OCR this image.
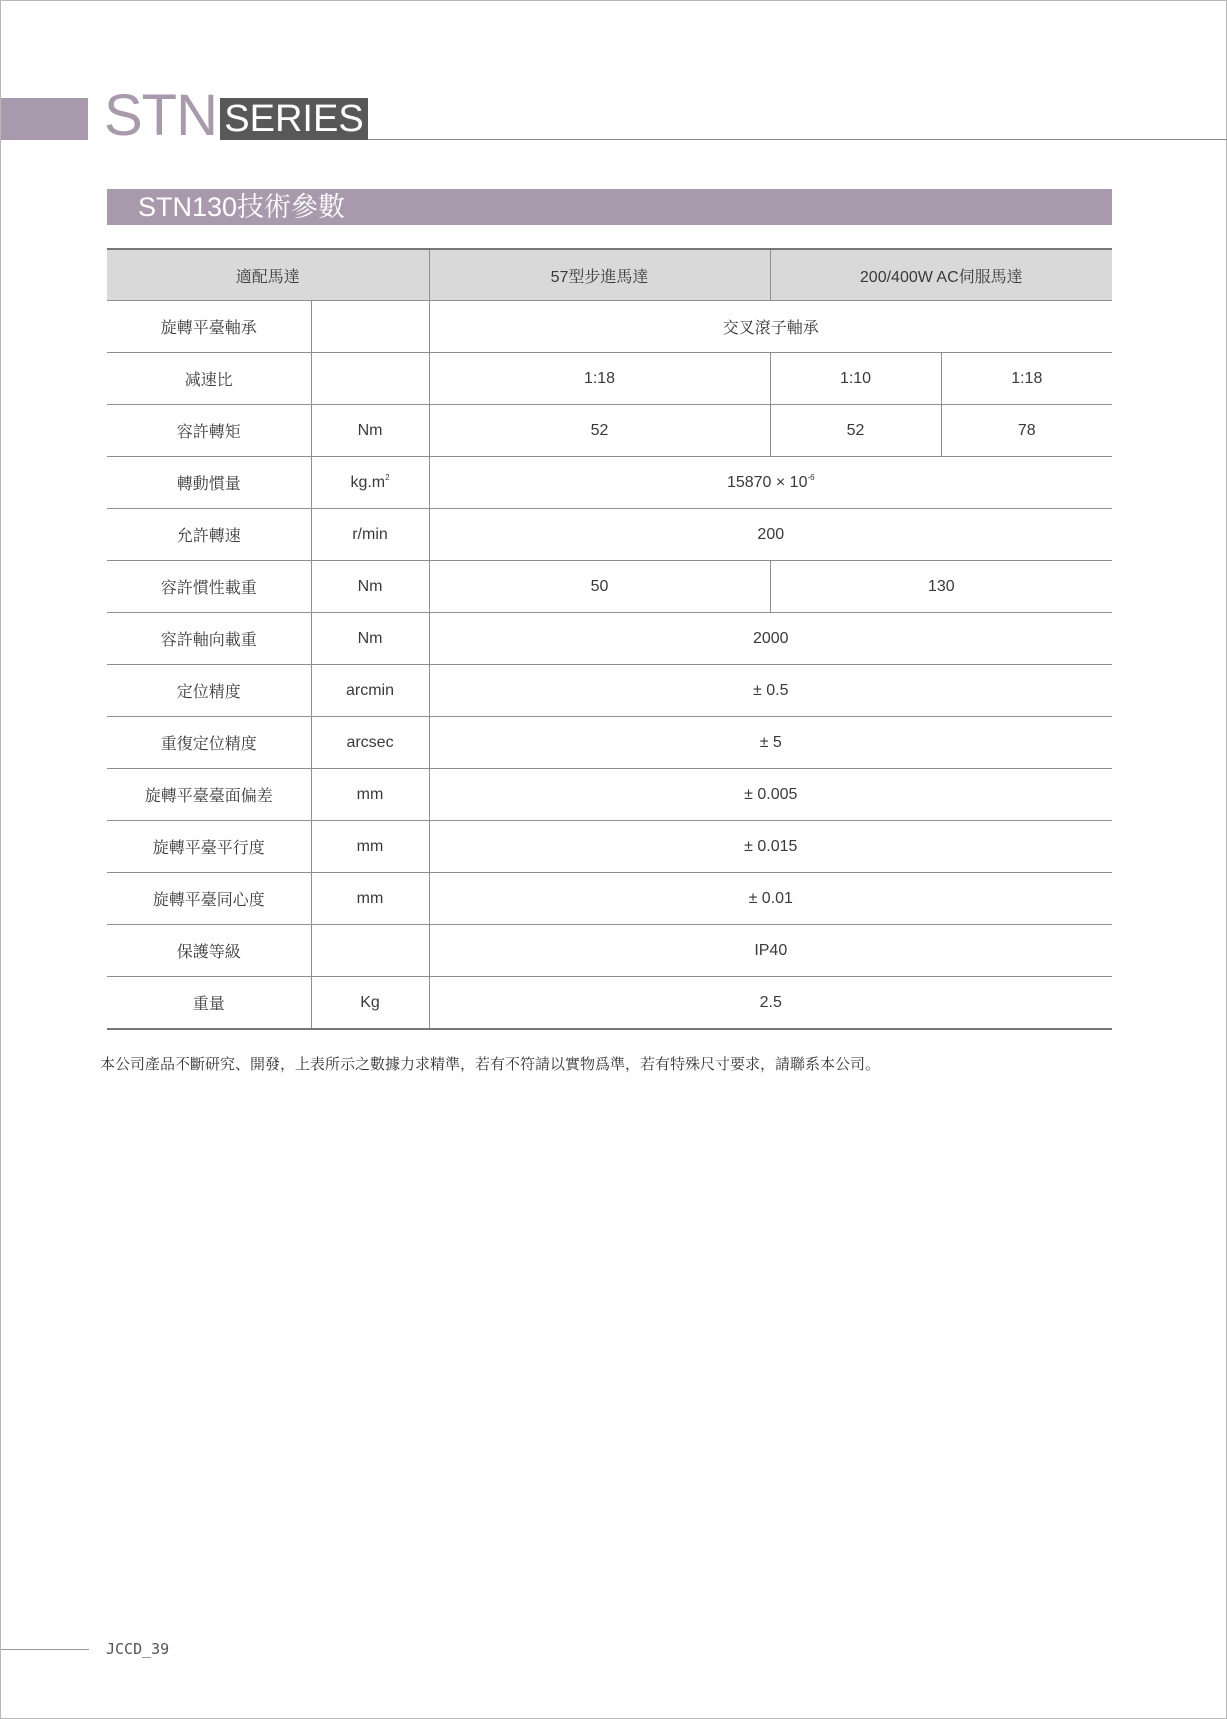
STN SERIES
STN130技術參數
適配馬達		57型步進馬達	200/400W AC伺服馬達	
旋轉平臺軸承		交叉滾子軸承		
减速比		1:18	1:10	1:18
容許轉矩	Nm	52	52	78
轉動慣量	$kg.m^2$	$15870 \times 10^{-6}$
允許轉速	r/min	200		
容許慣性載重	Nm	50	130	
容許軸向載重	Nm	2000		
定位精度	arcmin	± 0.5		
重復定位精度	arcsec	± 5		
旋轉平臺臺面偏差	mm	± 0.005		
旋轉平臺平行度	mm	± 0.015		
旋轉平臺同心度	mm	± 0.01		
保護等級		IP40		
重量	Kg	2.5		
本公司產品不斷研究、開發，上表所示之數據力求精準，若有不符請以實物爲準，若有特殊尺寸要求，請聯系本公司。
JCCD_39
